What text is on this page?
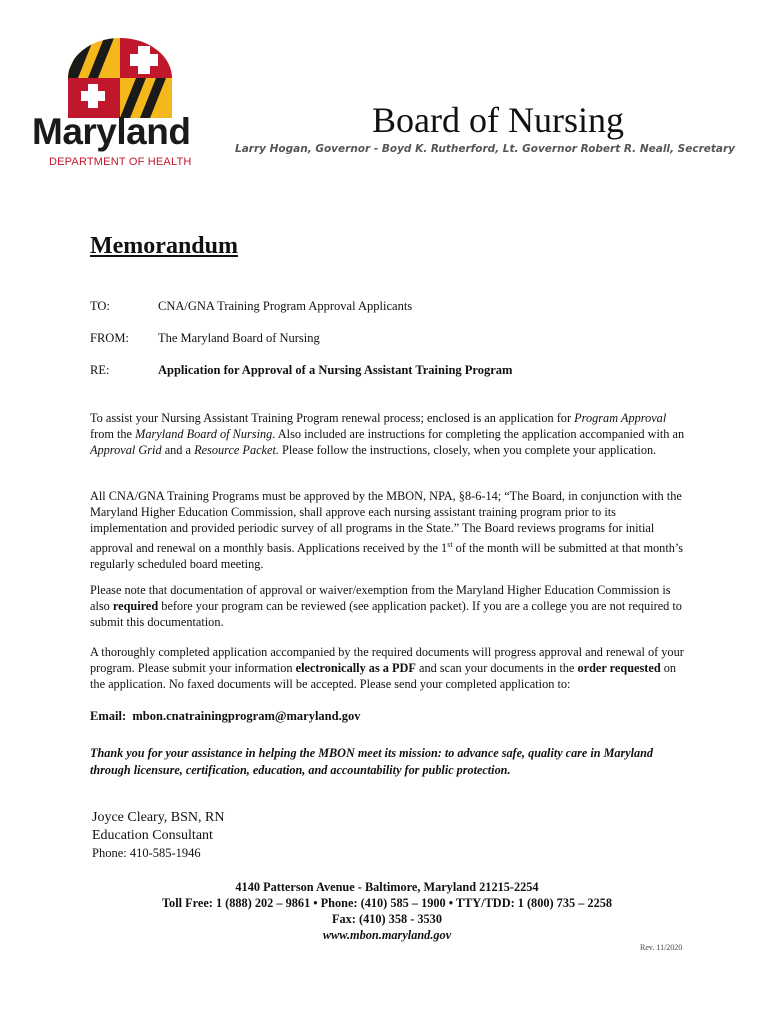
Maryland
DEPARTMENT OF HEALTH
Board of Nursing
Larry Hogan, Governor - Boyd K. Rutherford, Lt. Governor Robert R. Neall, Secretary
Memorandum
TO:	CNA/GNA Training Program Approval Applicants
FROM: The Maryland Board of Nursing
RE:	Application for Approval of a Nursing Assistant Training Program
To assist your Nursing Assistant Training Program renewal process; enclosed is an application for Program Approval from the Maryland Board of Nursing. Also included are instructions for completing the application accompanied with an Approval Grid and a Resource Packet. Please follow the instructions, closely, when you complete your application.
All CNA/GNA Training Programs must be approved by the MBON, NPA, §8-6-14; “The Board, in conjunction with the Maryland Higher Education Commission, shall approve each nursing assistant training program prior to its implementation and provided periodic survey of all programs in the State.” The Board reviews programs for initial approval and renewal on a monthly basis. Applications received by the 1st of the month will be submitted at that month’s regularly scheduled board meeting.
Please note that documentation of approval or waiver/exemption from the Maryland Higher Education Commission is also required before your program can be reviewed (see application packet). If you are a college you are not required to submit this documentation.
A thoroughly completed application accompanied by the required documents will progress approval and renewal of your program. Please submit your information electronically as a PDF and scan your documents in the order requested on the application. No faxed documents will be accepted. Please send your completed application to:
Email:  mbon.cnatrainingprogram@maryland.gov
Thank you for your assistance in helping the MBON meet its mission: to advance safe, quality care in Maryland through licensure, certification, education, and accountability for public protection.
Joyce Cleary, BSN, RN
Education Consultant
Phone: 410-585-1946
4140 Patterson Avenue - Baltimore, Maryland 21215-2254
Toll Free: 1 (888) 202 – 9861 • Phone: (410) 585 – 1900 • TTY/TDD: 1 (800) 735 – 2258
Fax: (410) 358 - 3530
www.mbon.maryland.gov
Rev. 11/2020
